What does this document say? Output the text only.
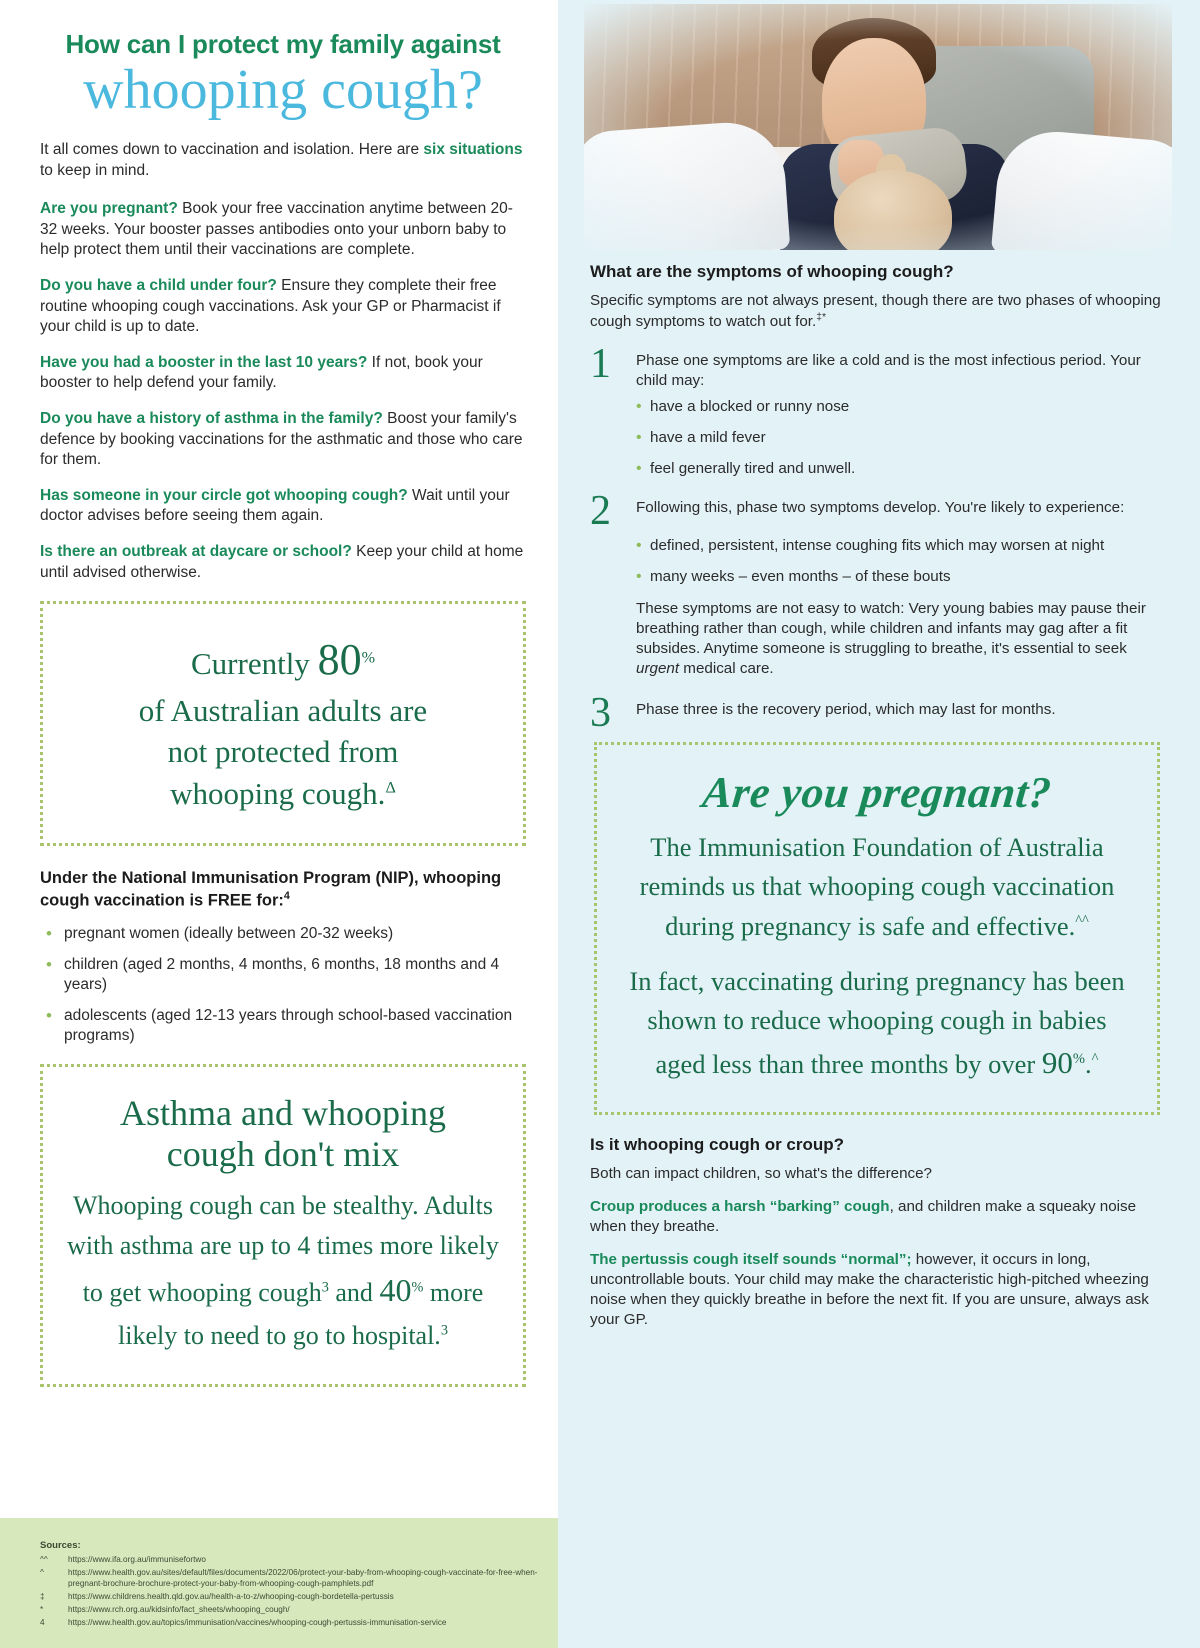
How can I protect my family against
whooping cough?

It all comes down to vaccination and isolation. Here are six situations to keep in mind.

Are you pregnant? Book your free vaccination anytime between 20-32 weeks. Your booster passes antibodies onto your unborn baby to help protect them until their vaccinations are complete.

Do you have a child under four? Ensure they complete their free routine whooping cough vaccinations. Ask your GP or Pharmacist if your child is up to date.

Have you had a booster in the last 10 years? If not, book your booster to help defend your family.

Do you have a history of asthma in the family? Boost your family's defence by booking vaccinations for the asthmatic and those who care for them.

Has someone in your circle got whooping cough? Wait until your doctor advises before seeing them again.

Is there an outbreak at daycare or school? Keep your child at home until advised otherwise.

Currently 80%
of Australian adults are
not protected from
whooping cough.$^\Delta$
Under the National Immunisation Program (NIP), whooping cough vaccination is FREE for:$^4$
• pregnant women (ideally between 20-32 weeks)
• children (aged 2 months, 4 months, 6 months, 18 months and 4 years)
• adolescents (aged 12-13 years through school-based vaccination programs)
Asthma and whooping
cough don't mix
Whooping cough can be stealthy. Adults with asthma are up to 4 times more likely to get whooping cough$^3$ and 40% more likely to need to go to hospital.$^3$
Sources:
^^	https://www.ifa.org.au/immunisefortwo
^	https://www.health.gov.au/sites/default/files/documents/2022/06/protect-your-baby-from-whooping-cough-vaccinate-for-free-when-pregnant-brochure-brochure-protect-your-baby-from-whooping-cough-pamphlets.pdf
‡	https://www.childrens.health.qld.gov.au/health-a-to-z/whooping-cough-bordetella-pertussis
*	https://www.rch.org.au/kidsinfo/fact_sheets/whooping_cough/
4	https://www.health.gov.au/topics/immunisation/vaccines/whooping-cough-pertussis-immunisation-service
What are the symptoms of whooping cough?

Specific symptoms are not always present, though there are two phases of whooping cough symptoms to watch out for.‡*

1	Phase one symptoms are like a cold and is the most infectious period. Your child may:
• have a blocked or runny nose
• have a mild fever
• feel generally tired and unwell.
2	Following this, phase two symptoms develop. You're likely to experience:
• defined, persistent, intense coughing fits which may worsen at night
• many weeks – even months – of these bouts

These symptoms are not easy to watch: Very young babies may pause their breathing rather than cough, while children and infants may gag after a fit subsides. Anytime someone is struggling to breathe, it's essential to seek urgent medical care.

3	Phase three is the recovery period, which may last for months.
Are you pregnant?
The Immunisation Foundation of Australia reminds us that whooping cough vaccination during pregnancy is safe and effective.^^
In fact, vaccinating during pregnancy has been shown to reduce whooping cough in babies aged less than three months by over 90%.^
Is it whooping cough or croup?

Both can impact children, so what's the difference?

Croup produces a harsh “barking” cough, and children make a squeaky noise when they breathe.

The pertussis cough itself sounds “normal”; however, it occurs in long, uncontrollable bouts. Your child may make the characteristic high-pitched wheezing noise when they quickly breathe in before the next fit. If you are unsure, always ask your GP.
